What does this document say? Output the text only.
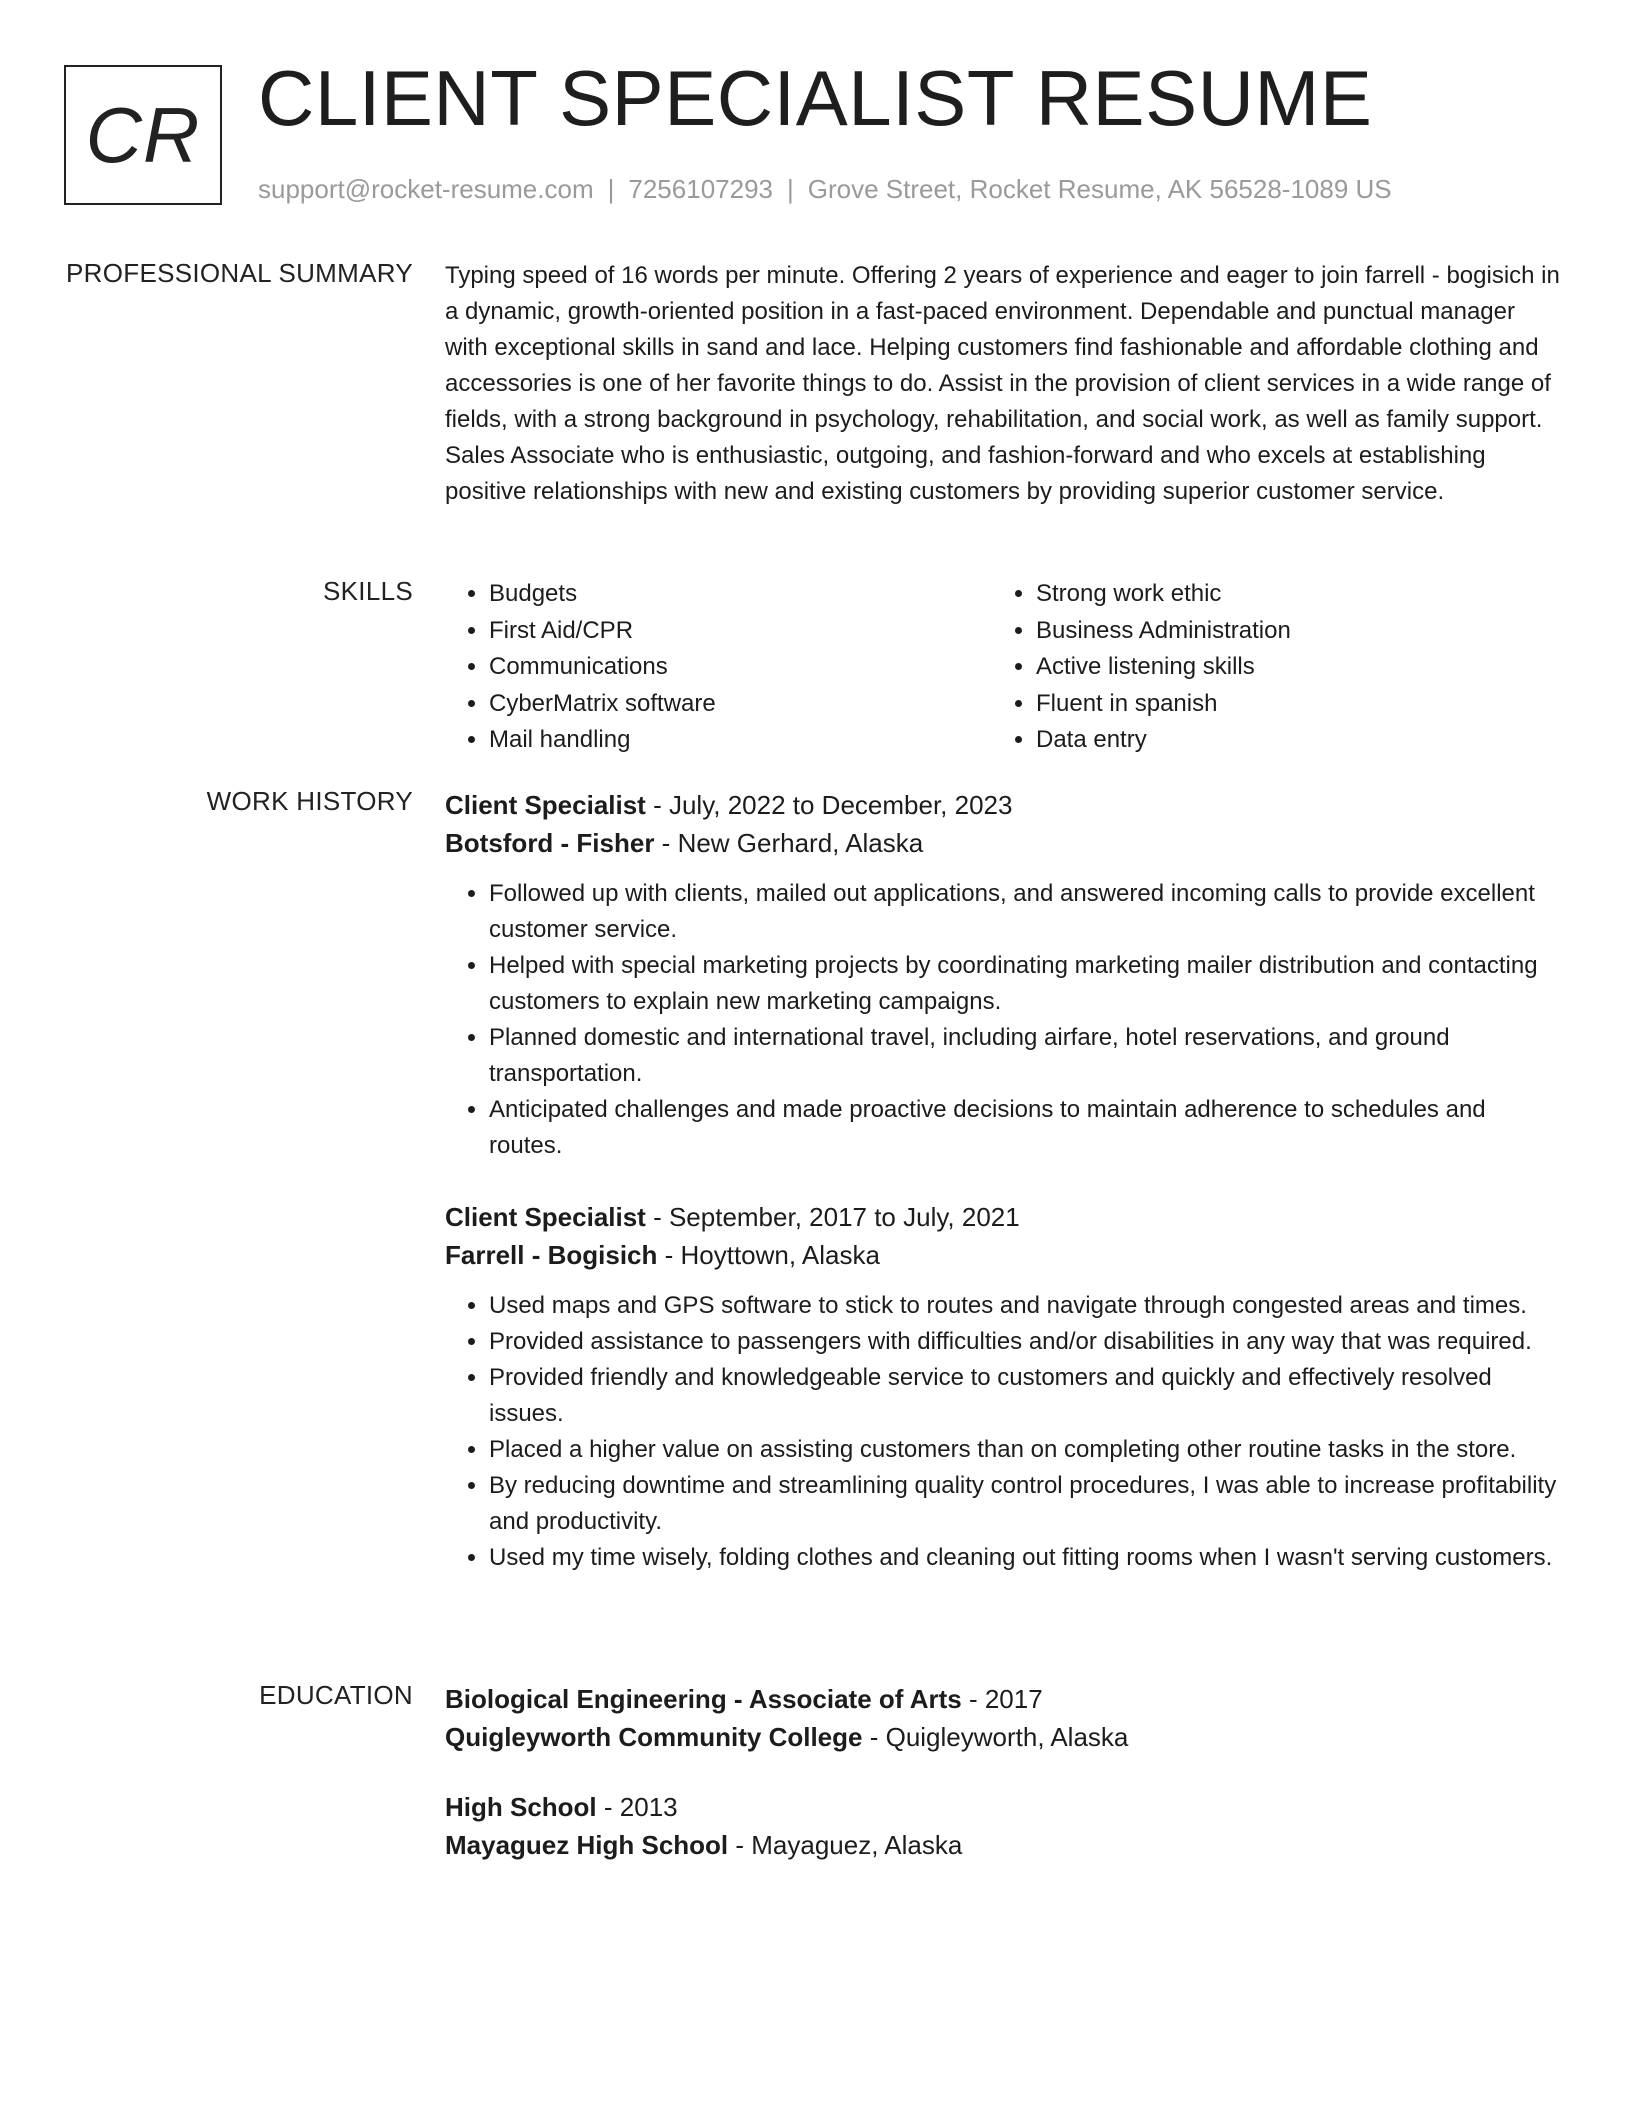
CR CLIENT SPECIALIST RESUME
support@rocket-resume.com | 7256107293 | Grove Street, Rocket Resume, AK 56528-1089 US
PROFESSIONAL SUMMARY Typing speed of 16 words per minute. Offering 2 years of experience and eager to join farrell - bogisich in a dynamic, growth-oriented position in a fast-paced environment. Dependable and punctual manager with exceptional skills in sand and lace. Helping customers find fashionable and affordable clothing and accessories is one of her favorite things to do. Assist in the provision of client services in a wide range of fields, with a strong background in psychology, rehabilitation, and social work, as well as family support. Sales Associate who is enthusiastic, outgoing, and fashion-forward and who excels at establishing positive relationships with new and existing customers by providing superior customer service.

SKILLS
•	Budgets
• First Aid/CPR
• Communications
• CyberMatrix software
• Mail handling
• Strong work ethic
• Business Administration
• Active listening skills
• Fluent in spanish
• Data entry
WORK HISTORY Client Specialist - July, 2022 to December, 2023
Botsford - Fisher - New Gerhard, Alaska
• Followed up with clients, mailed out applications, and answered incoming calls to provide excellent customer service.
• Helped with special marketing projects by coordinating marketing mailer distribution and contacting customers to explain new marketing campaigns.
• Planned domestic and international travel, including airfare, hotel reservations, and ground transportation.
• Anticipated challenges and made proactive decisions to maintain adherence to schedules and routes.
Client Specialist - September, 2017 to July, 2021
Farrell - Bogisich - Hoyttown, Alaska
• Used maps and GPS software to stick to routes and navigate through congested areas and times.
• Provided assistance to passengers with difficulties and/or disabilities in any way that was required.
• Provided friendly and knowledgeable service to customers and quickly and effectively resolved issues.
• Placed a higher value on assisting customers than on completing other routine tasks in the store.
• By reducing downtime and streamlining quality control procedures, I was able to increase profitability and productivity.
• Used my time wisely, folding clothes and cleaning out fitting rooms when I wasn't serving customers.
EDUCATION Biological Engineering - Associate of Arts - 2017
Quigleyworth Community College - Quigleyworth, Alaska
High School - 2013
Mayaguez High School - Mayaguez, Alaska
